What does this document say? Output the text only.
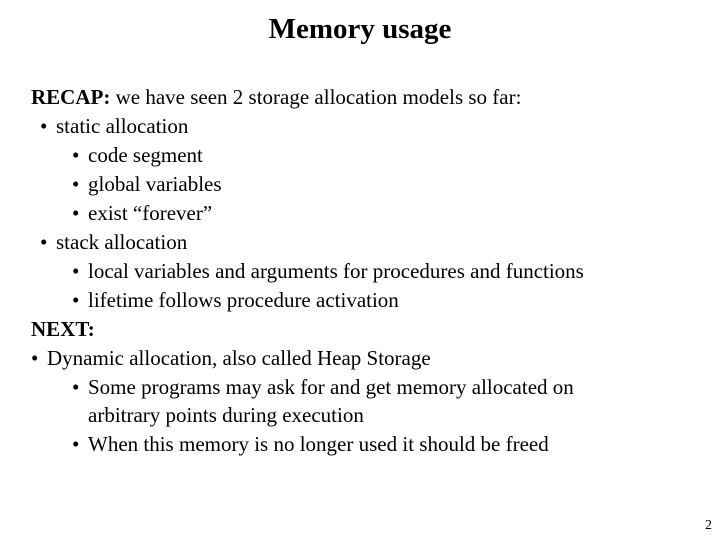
Memory usage
RECAP: we have seen 2 storage allocation models so far:
• static allocation
• code segment
• global variables
• exist “forever”
• stack allocation
• local variables and arguments for procedures and functions
• lifetime follows procedure activation
NEXT:
• Dynamic allocation, also called Heap Storage
• Some programs may ask for and get memory allocated on
arbitrary points during execution
• When this memory is no longer used it should be freed
2
